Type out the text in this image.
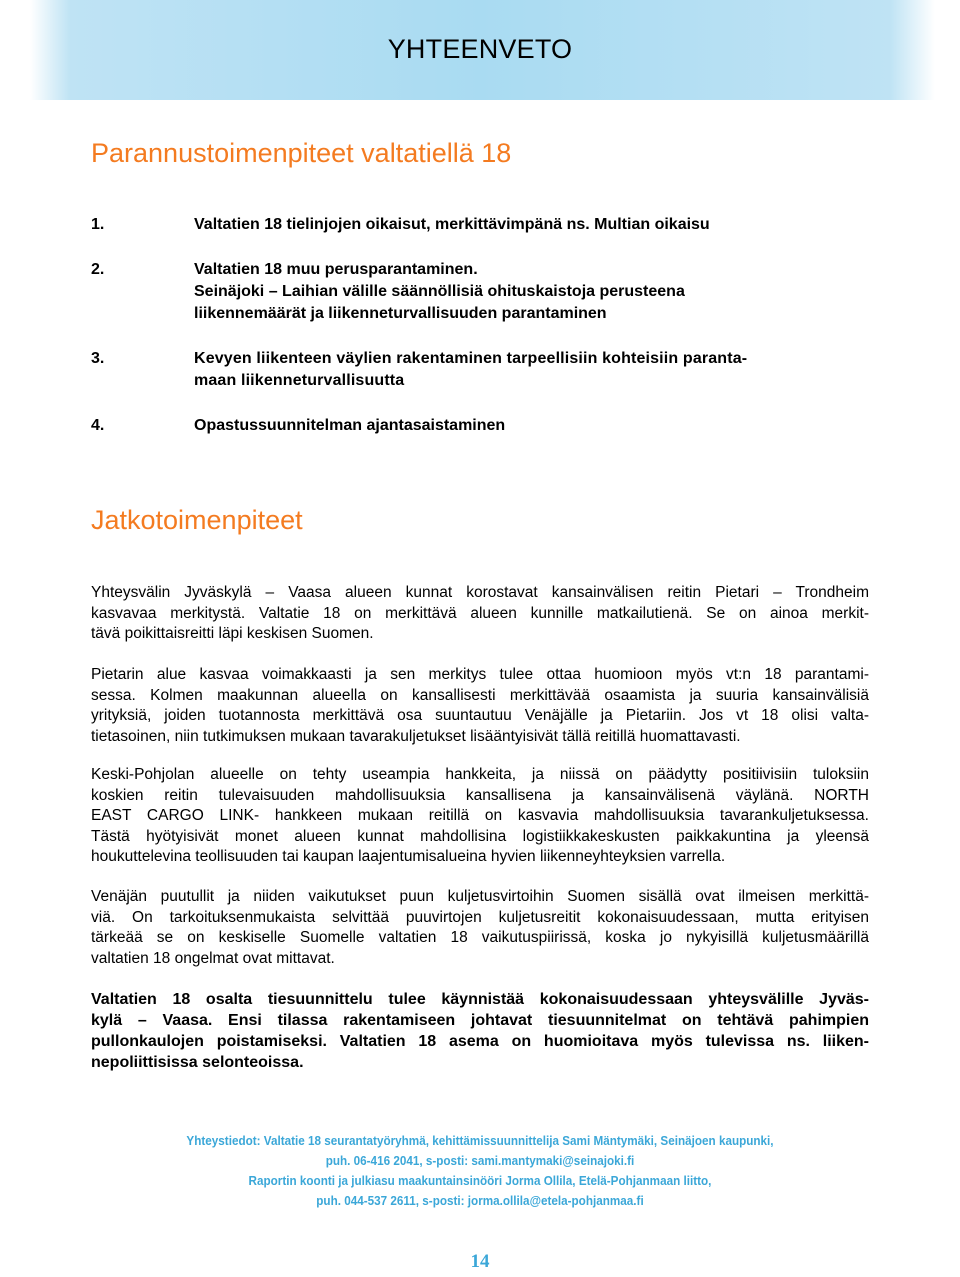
YHTEENVETO
Parannustoimenpiteet valtatiellä 18
1.	Valtatien 18 tielinjojen oikaisut, merkittävimpänä ns. Multian oikaisu
2.	Valtatien 18 muu perusparantaminen.
Seinäjoki – Laihian välille säännöllisiä ohituskaistoja perusteena
liikennemäärät ja liikenneturvallisuuden parantaminen
3.	Kevyen liikenteen väylien rakentaminen tarpeellisiin kohteisiin paranta-
maan liikenneturvallisuutta
4.	Opastussuunnitelman ajantasaistaminen
Jatkotoimenpiteet
Yhteysvälin Jyväskylä – Vaasa alueen kunnat korostavat kansainvälisen reitin Pietari – Trondheim
kasvavaa merkitystä. Valtatie 18 on merkittävä alueen kunnille matkailutienä. Se on ainoa merkit-
tävä poikittaisreitti läpi keskisen Suomen.
Pietarin alue kasvaa voimakkaasti ja sen merkitys tulee ottaa huomioon myös vt:n 18 parantami-
sessa. Kolmen maakunnan alueella on kansallisesti merkittävää osaamista ja suuria kansainvälisiä
yrityksiä, joiden tuotannosta merkittävä osa suuntautuu Venäjälle ja Pietariin. Jos vt 18 olisi valta-
tietasoinen, niin tutkimuksen mukaan tavarakuljetukset lisääntyisivät tällä reitillä huomattavasti.
Keski-Pohjolan alueelle on tehty useampia hankkeita, ja niissä on päädytty positiivisiin tuloksiin
koskien reitin tulevaisuuden mahdollisuuksia kansallisena ja kansainvälisenä väylänä. NORTH
EAST CARGO LINK- hankkeen mukaan reitillä on kasvavia mahdollisuuksia tavarankuljetuksessa.
Tästä hyötyisivät monet alueen kunnat mahdollisina logistiikkakeskusten paikkakuntina ja yleensä
houkuttelevina teollisuuden tai kaupan laajentumisalueina hyvien liikenneyhteyksien varrella.
Venäjän puutullit ja niiden vaikutukset puun kuljetusvirtoihin Suomen sisällä ovat ilmeisen merkittä-
viä. On tarkoituksenmukaista selvittää puuvirtojen kuljetusreitit kokonaisuudessaan, mutta erityisen
tärkeää se on keskiselle Suomelle valtatien 18 vaikutuspiirissä, koska jo nykyisillä kuljetusmäärillä
valtatien 18 ongelmat ovat mittavat.
Valtatien 18 osalta tiesuunnittelu tulee käynnistää kokonaisuudessaan yhteysvälille Jyväs-
kylä – Vaasa. Ensi tilassa rakentamiseen johtavat tiesuunnitelmat on tehtävä pahimpien
pullonkaulojen poistamiseksi. Valtatien 18 asema on huomioitava myös tulevissa ns. liiken-
nepoliittisissa selonteoissa.
Yhteystiedot: Valtatie 18 seurantatyöryhmä, kehittämissuunnittelija Sami Mäntymäki, Seinäjoen kaupunki,
puh. 06-416 2041, s-posti: sami.mantymaki@seinajoki.fi
Raportin koonti ja julkiasu maakuntainsinööri Jorma Ollila, Etelä-Pohjanmaan liitto,
puh. 044-537 2611, s-posti: jorma.ollila@etela-pohjanmaa.fi
14
